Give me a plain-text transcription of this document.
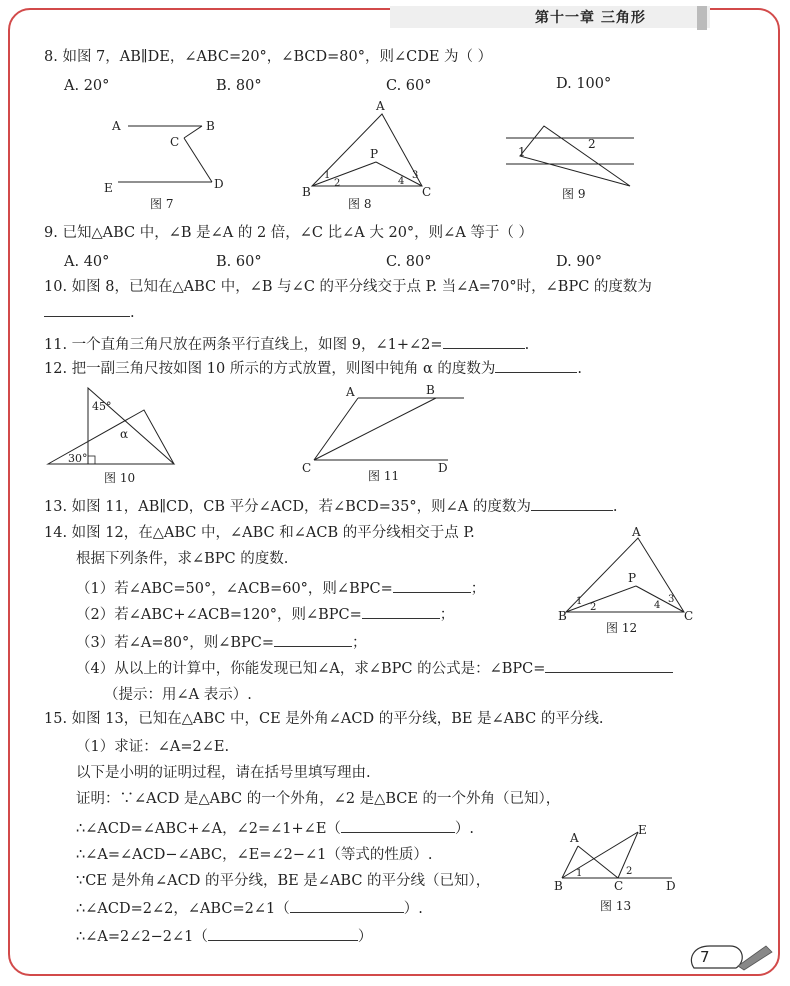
第十一章 三角形
8. 如图 7，AB∥DE，∠ABC=20°，∠BCD=80°，则∠CDE 为（ ）
A. 20°	B. 80°	C. 60°	D. 100°
A	B
C
E	D
图 7
A
P
B	C
1
2
3
4
图 8
1
2
图 9
9. 已知△ABC 中，∠B 是∠A 的 2 倍，∠C 比∠A 大 20°，则∠A 等于（ ）
A. 40°	B. 60°	C. 80°	D. 90°
10. 如图 8，已知在△ABC 中，∠B 与∠C 的平分线交于点 P. 当∠A=70°时，∠BPC 的度数为
.
11. 一个直角三角尺放在两条平行直线上，如图 9，∠1+∠2=	.
12. 把一副三角尺按如图 10 所示的方式放置，则图中钝角 α 的度数为	.
45°
α
30°
图 10
A	B
C	D
图 11
13. 如图 11，AB∥CD，CB 平分∠ACD，若∠BCD=35°，则∠A 的度数为	.
14. 如图 12，在△ABC 中，∠ABC 和∠ACB 的平分线相交于点 P.
根据下列条件，求∠BPC 的度数.
（1）若∠ABC=50°，∠ACB=60°，则∠BPC=	；
（2）若∠ABC+∠ACB=120°，则∠BPC=	；
（3）若∠A=80°，则∠BPC=	；
（4）从以上的计算中，你能发现已知∠A，求∠BPC 的公式是：∠BPC=
（提示：用∠A 表示）.
A
P
B	C
1
2
3
4
图 12
15. 如图 13，已知在△ABC 中，CE 是外角∠ACD 的平分线，BE 是∠ABC 的平分线.
（1）求证：∠A=2∠E.
以下是小明的证明过程，请在括号里填写理由.
证明：∵∠ACD 是△ABC 的一个外角，∠2 是△BCE 的一个外角（已知），
∴∠ACD=∠ABC+∠A，∠2=∠1+∠E（	）.
∴∠A=∠ACD−∠ABC，∠E=∠2−∠1（等式的性质）.
∵CE 是外角∠ACD 的平分线，BE 是∠ABC 的平分线（已知），
∴∠ACD=2∠2，∠ABC=2∠1（	）.
∴∠A=2∠2−2∠1（	）
A
E
B	C	D
1	2
图 13
7
